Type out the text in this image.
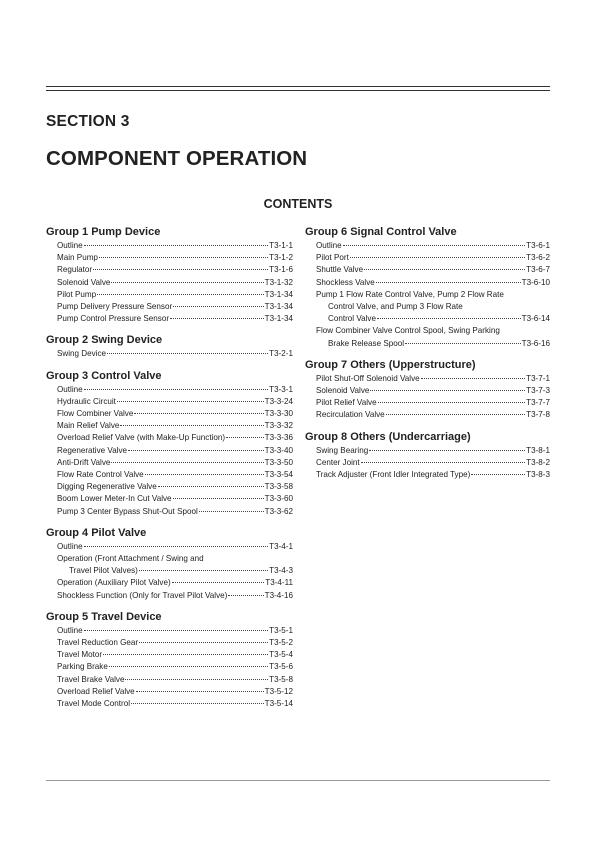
SECTION 3
COMPONENT OPERATION
CONTENTS
Group 1 Pump Device
Outline	T3-1-1
Main Pump	T3-1-2
Regulator	T3-1-6
Solenoid Valve	T3-1-32
Pilot Pump	T3-1-34
Pump Delivery Pressure Sensor	T3-1-34
Pump Control Pressure Sensor	T3-1-34
Group 2 Swing Device
Swing Device	T3-2-1
Group 3 Control Valve
Outline	T3-3-1
Hydraulic Circuit	T3-3-24
Flow Combiner Valve	T3-3-30
Main Relief Valve	T3-3-32
Overload Relief Valve (with Make-Up Function)	T3-3-36
Regenerative Valve	T3-3-40
Anti-Drift Valve	T3-3-50
Flow Rate Control Valve	T3-3-54
Digging Regenerative Valve	T3-3-58
Boom Lower Meter-In Cut Valve	T3-3-60
Pump 3 Center Bypass Shut-Out Spool	T3-3-62
Group 4 Pilot Valve
Outline	T3-4-1
Operation (Front Attachment / Swing and
Travel Pilot Valves)	T3-4-3
Operation (Auxiliary Pilot Valve)	T3-4-11
Shockless Function (Only for Travel Pilot Valve)	T3-4-16
Group 5 Travel Device
Outline	T3-5-1
Travel Reduction Gear	T3-5-2
Travel Motor	T3-5-4
Parking Brake	T3-5-6
Travel Brake Valve	T3-5-8
Overload Relief Valve	T3-5-12
Travel Mode Control	T3-5-14
Group 6 Signal Control Valve
Outline	T3-6-1
Pilot Port	T3-6-2
Shuttle Valve	T3-6-7
Shockless Valve	T3-6-10
Pump 1 Flow Rate Control Valve, Pump 2 Flow Rate
Control Valve, and Pump 3 Flow Rate
Control Valve	T3-6-14
Flow Combiner Valve Control Spool, Swing Parking
Brake Release Spool	T3-6-16
Group 7 Others (Upperstructure)
Pilot Shut-Off Solenoid Valve	T3-7-1
Solenoid Valve	T3-7-3
Pilot Relief Valve	T3-7-7
Recirculation Valve	T3-7-8
Group 8 Others (Undercarriage)
Swing Bearing	T3-8-1
Center Joint	T3-8-2
Track Adjuster (Front Idler Integrated Type)	T3-8-3
